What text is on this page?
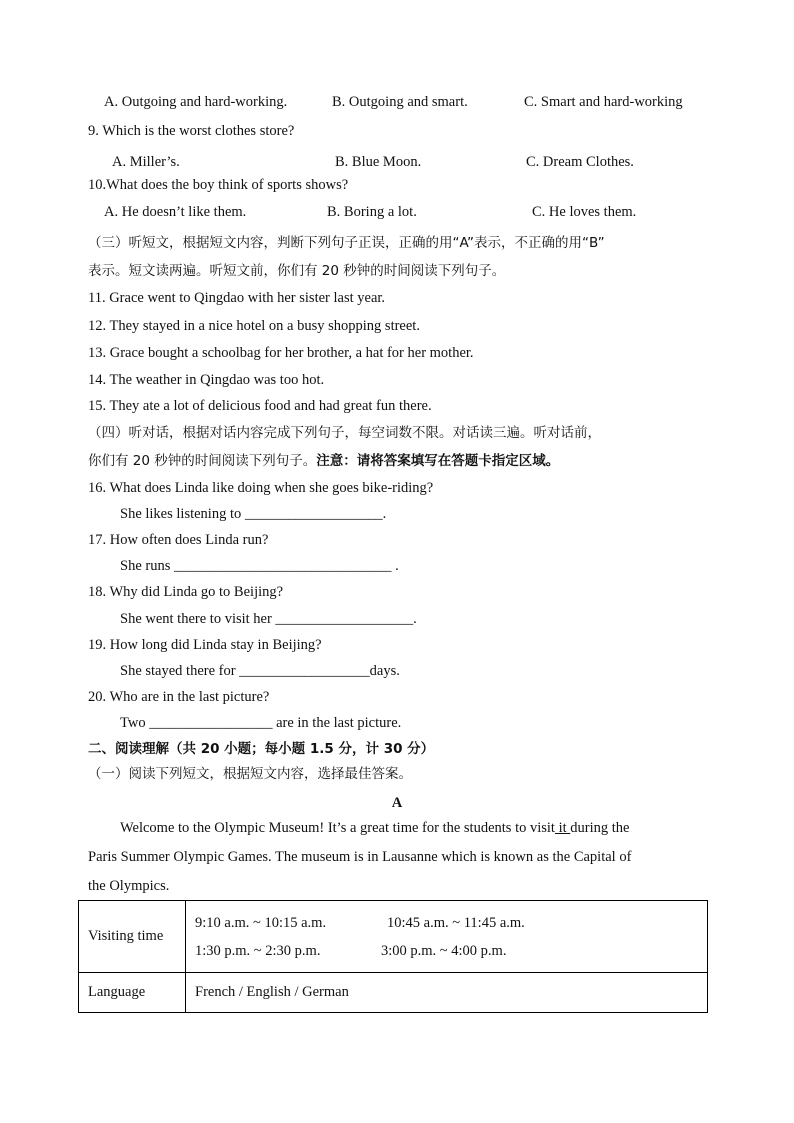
A. Outgoing and hard-working.	B. Outgoing and smart.	C. Smart and hard-working
9. Which is the worst clothes store?
A. Miller’s.	B. Blue Moon.	C. Dream Clothes.
10.What does the boy think of sports shows?
A. He doesn’t like them.	B. Boring a lot.	C. He loves them.
（三）听短文，根据短文内容，判断下列句子正误，正确的用“A”表示，不正确的用“B”
表示。短文读两遍。听短文前，你们有 20 秒钟的时间阅读下列句子。
11. Grace went to Qingdao with her sister last year.
12. They stayed in a nice hotel on a busy shopping street.
13. Grace bought a schoolbag for her brother, a hat for her mother.
14. The weather in Qingdao was too hot.
15. They ate a lot of delicious food and had great fun there.
（四）听对话，根据对话内容完成下列句子，每空词数不限。对话读三遍。听对话前，
你们有 20 秒钟的时间阅读下列句子。注意：请将答案填写在答题卡指定区域。
16. What does Linda like doing when she goes bike-riding?
She likes listening to ___________________.
17. How often does Linda run?
She runs ______________________________ .
18. Why did Linda go to Beijing?
She went there to visit her ___________________.
19. How long did Linda stay in Beijing?
She stayed there for __________________days.
20. Who are in the last picture?
Two _________________ are in the last picture.
二、阅读理解（共 20 小题；每小题 1.5 分，计 30 分）
（一）阅读下列短文，根据短文内容，选择最佳答案。
A
Welcome to the Olympic Museum! It’s a great time for the students to visit it during the
Paris Summer Olympic Games. The museum is in Lausanne which is known as the Capital of
the Olympics.
Visiting time	9:10 a.m. ~ 10:15 a.m. 10:45 a.m. ~ 11:45 a.m.
1:30 p.m. ~ 2:30 p.m. 3:00 p.m. ~ 4:00 p.m.

Language	French / English / German
